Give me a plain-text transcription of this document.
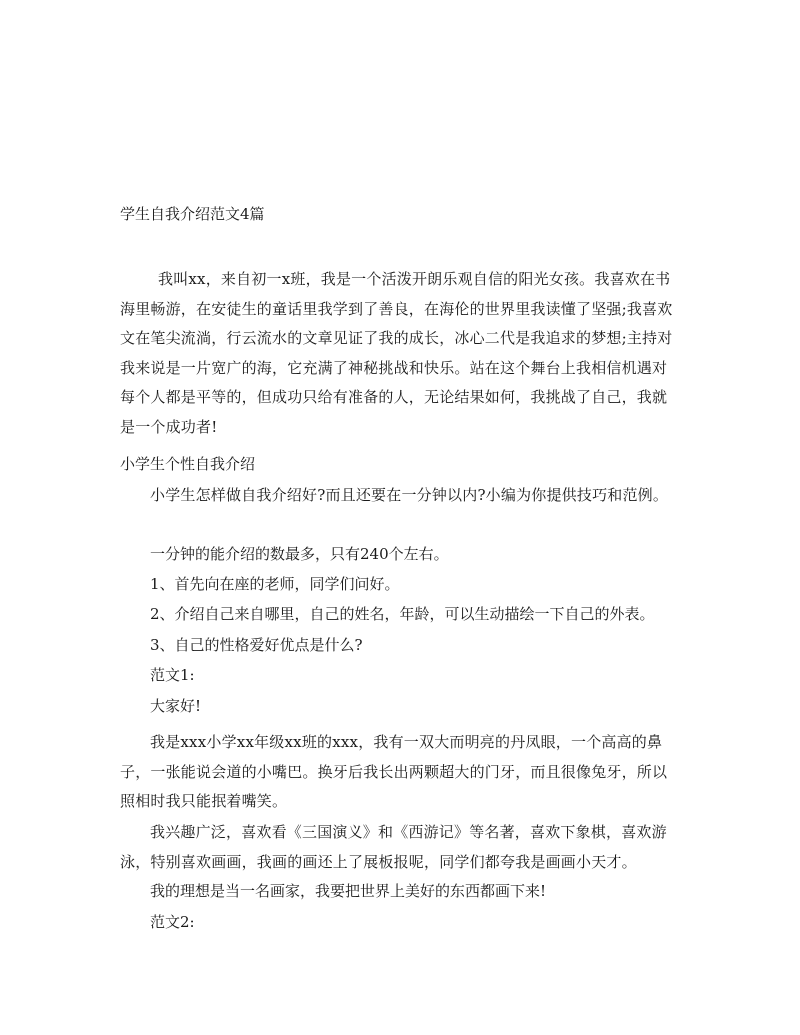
学生自我介绍范文4篇
我叫xx，来自初一x班，我是一个活泼开朗乐观自信的阳光女孩。我喜欢在书海里畅游，在安徒生的童话里我学到了善良，在海伦的世界里我读懂了坚强;我喜欢文在笔尖流淌，行云流水的文章见证了我的成长，冰心二代是我追求的梦想;主持对我来说是一片宽广的海，它充满了神秘挑战和快乐。站在这个舞台上我相信机遇对每个人都是平等的，但成功只给有准备的人，无论结果如何，我挑战了自己，我就是一个成功者!
小学生个性自我介绍
小学生怎样做自我介绍好?而且还要在一分钟以内?小编为你提供技巧和范例。
一分钟的能介绍的数最多，只有240个左右。
1、首先向在座的老师，同学们问好。
2、介绍自己来自哪里，自己的姓名，年龄，可以生动描绘一下自己的外表。
3、自己的性格爱好优点是什么?
范文1:
大家好!
我是xxx小学xx年级xx班的xxx，我有一双大而明亮的丹凤眼，一个高高的鼻子，一张能说会道的小嘴巴。换牙后我长出两颗超大的门牙，而且很像兔牙，所以照相时我只能抿着嘴笑。
我兴趣广泛，喜欢看《三国演义》和《西游记》等名著，喜欢下象棋，喜欢游泳，特别喜欢画画，我画的画还上了展板报呢，同学们都夸我是画画小天才。
我的理想是当一名画家，我要把世界上美好的东西都画下来!
范文2:
